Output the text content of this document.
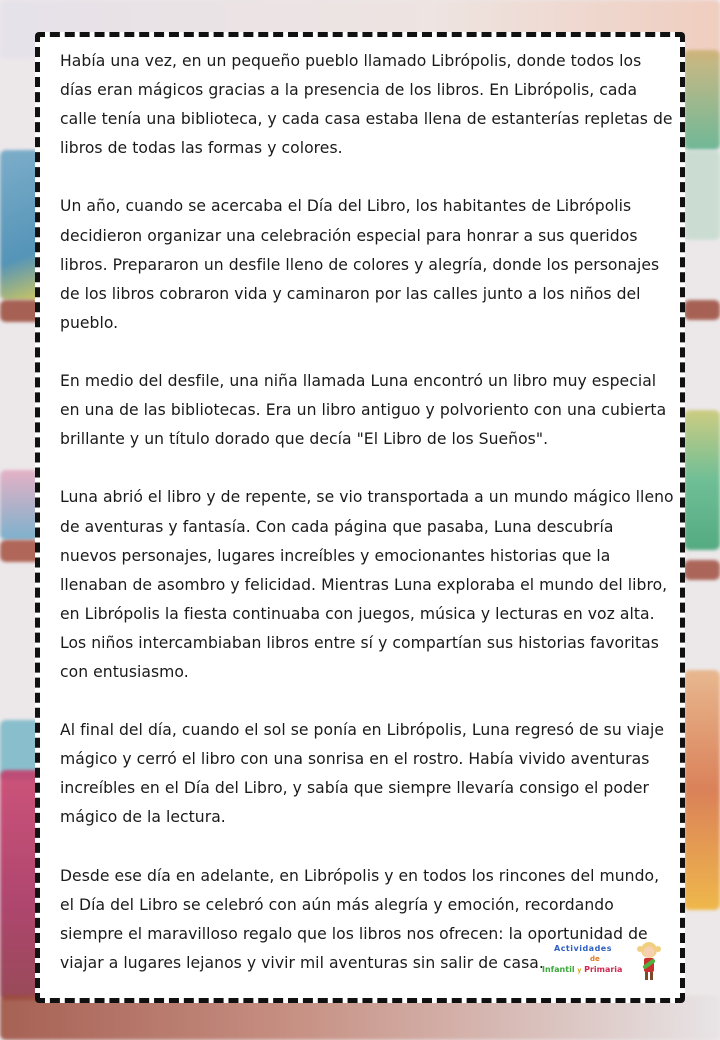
Había una vez, en un pequeño pueblo llamado Librópolis, donde todos los días eran mágicos gracias a la presencia de los libros. En Librópolis, cada calle tenía una biblioteca, y cada casa estaba llena de estanterías repletas de libros de todas las formas y colores.

Un año, cuando se acercaba el Día del Libro, los habitantes de Librópolis decidieron organizar una celebración especial para honrar a sus queridos libros. Prepararon un desfile lleno de colores y alegría, donde los personajes de los libros cobraron vida y caminaron por las calles junto a los niños del pueblo.

En medio del desfile, una niña llamada Luna encontró un libro muy especial en una de las bibliotecas. Era un libro antiguo y polvoriento con una cubierta brillante y un título dorado que decía "El Libro de los Sueños".

Luna abrió el libro y de repente, se vio transportada a un mundo mágico lleno de aventuras y fantasía. Con cada página que pasaba, Luna descubría nuevos personajes, lugares increíbles y emocionantes historias que la llenaban de asombro y felicidad. Mientras Luna exploraba el mundo del libro, en Librópolis la fiesta continuaba con juegos, música y lecturas en voz alta. Los niños intercambiaban libros entre sí y compartían sus historias favoritas con entusiasmo.

Al final del día, cuando el sol se ponía en Librópolis, Luna regresó de su viaje mágico y cerró el libro con una sonrisa en el rostro. Había vivido aventuras increíbles en el Día del Libro, y sabía que siempre llevaría consigo el poder mágico de la lectura.

Desde ese día en adelante, en Librópolis y en todos los rincones del mundo, el Día del Libro se celebró con aún más alegría y emoción, recordando siempre el maravilloso regalo que los libros nos ofrecen: la oportunidad de viajar a lugares lejanos y vivir mil aventuras sin salir de casa.

Actividades
de
Infantil y Primaria
